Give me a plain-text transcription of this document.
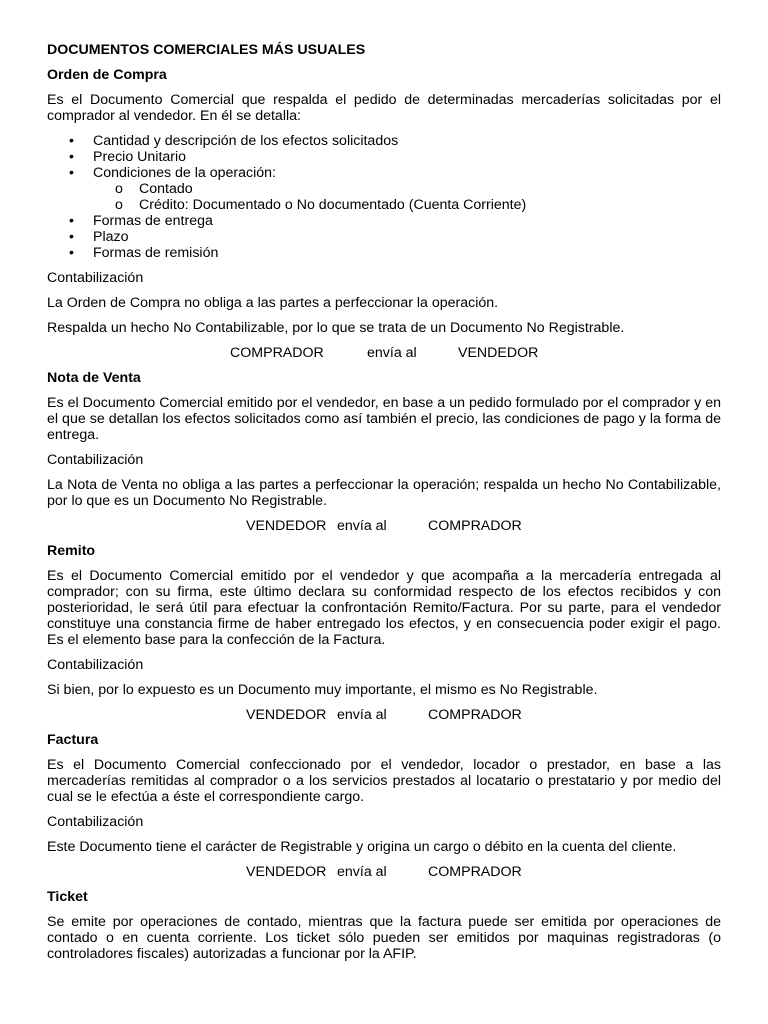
DOCUMENTOS COMERCIALES MÁS USUALES
Orden de Compra
Es el Documento Comercial que respalda el pedido de determinadas mercaderías solicitadas por el comprador al vendedor. En él se detalla:
• Cantidad y descripción de los efectos solicitados
• Precio Unitario
• Condiciones de la operación:
o Contado
o Crédito: Documentado o No documentado (Cuenta Corriente)
• Formas de entrega
• Plazo
• Formas de remisión
Contabilización
La Orden de Compra no obliga a las partes a perfeccionar la operación.
Respalda un hecho No Contabilizable, por lo que se trata de un Documento No Registrable.
COMPRADOR	envía al	VENDEDOR
Nota de Venta
Es el Documento Comercial emitido por el vendedor, en base a un pedido formulado por el comprador y en el que se detallan los efectos solicitados como así también el precio, las condiciones de pago y la forma de entrega.
Contabilización
La Nota de Venta no obliga a las partes a perfeccionar la operación; respalda un hecho No Contabilizable, por lo que es un Documento No Registrable.
VENDEDOR envía al	COMPRADOR
Remito
Es el Documento Comercial emitido por el vendedor y que acompaña a la mercadería entregada al comprador; con su firma, este último declara su conformidad respecto de los efectos recibidos y con posterioridad, le será útil para efectuar la confrontación Remito/Factura. Por su parte, para el vendedor constituye una constancia firme de haber entregado los efectos, y en consecuencia poder exigir el pago. Es el elemento base para la confección de la Factura.
Contabilización
Si bien, por lo expuesto es un Documento muy importante, el mismo es No Registrable.
VENDEDOR envía al	COMPRADOR
Factura
Es el Documento Comercial confeccionado por el vendedor, locador o prestador, en base a las mercaderías remitidas al comprador o a los servicios prestados al locatario o prestatario y por medio del cual se le efectúa a éste el correspondiente cargo.
Contabilización
Este Documento tiene el carácter de Registrable y origina un cargo o débito en la cuenta del cliente.
VENDEDOR envía al	COMPRADOR
Ticket
Se emite por operaciones de contado, mientras que la factura puede ser emitida por operaciones de contado o en cuenta corriente. Los ticket sólo pueden ser emitidos por maquinas registradoras (o controladores fiscales) autorizadas a funcionar por la AFIP.
